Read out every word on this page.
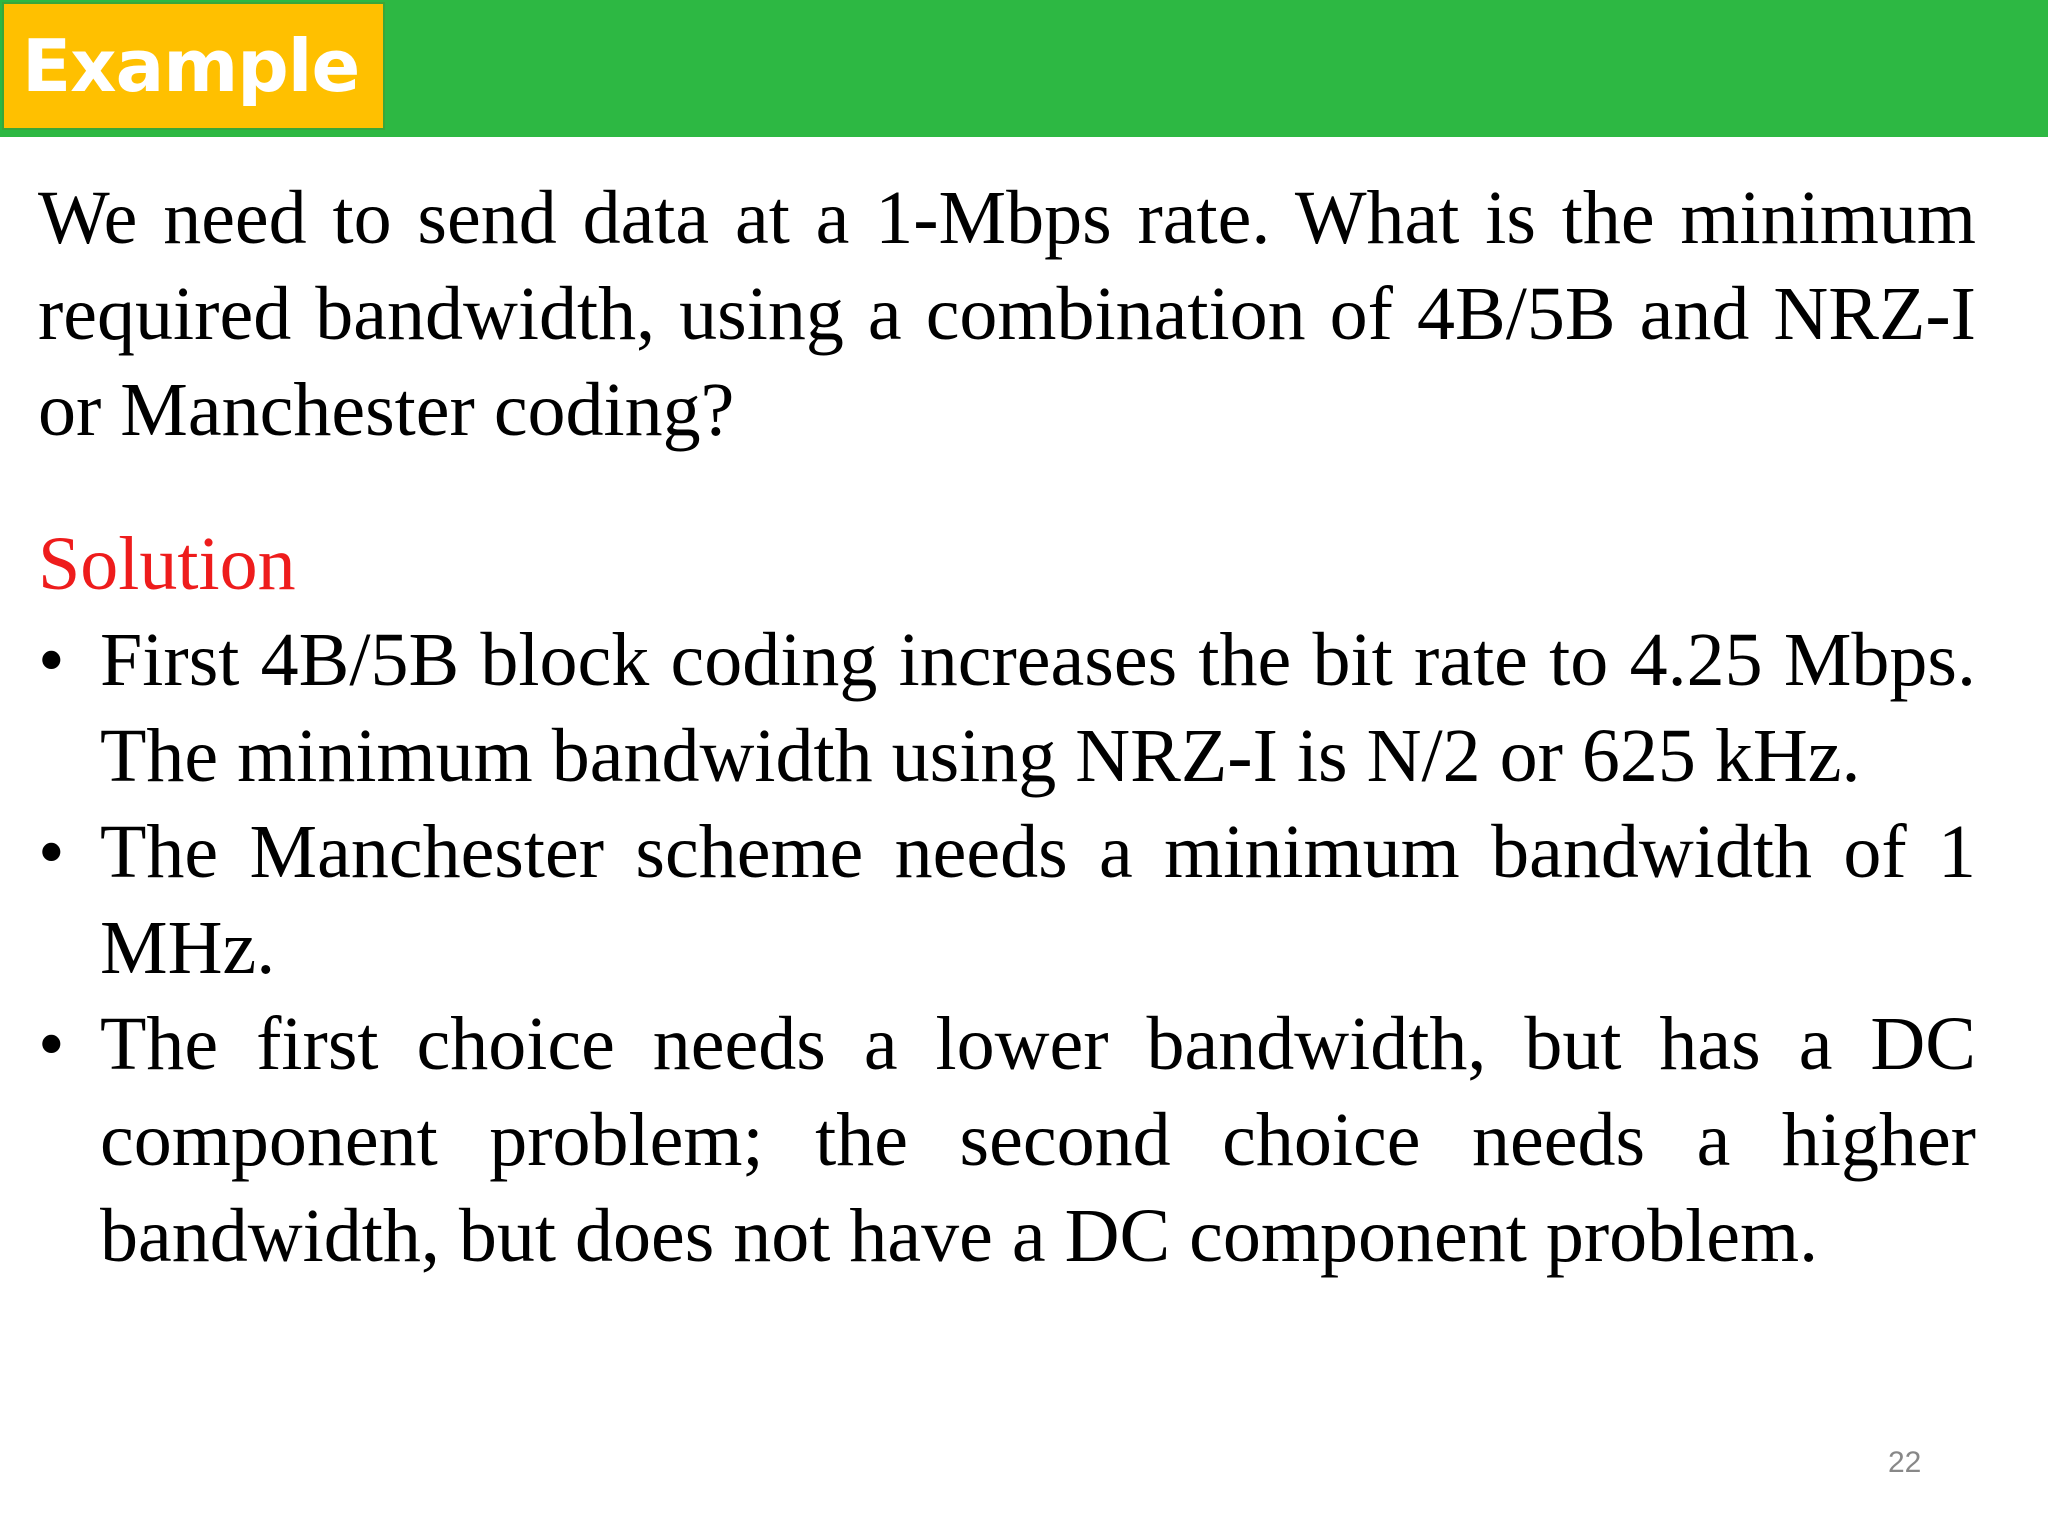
Example

We need to send data at a 1-Mbps rate. What is the minimum required bandwidth, using a combination of 4B/5B and NRZ-I or Manchester coding?

Solution
• First 4B/5B block coding increases the bit rate to 4.25 Mbps. The minimum bandwidth using NRZ-I is N/2 or 625 kHz.
• The Manchester scheme needs a minimum bandwidth of 1 MHz.
• The first choice needs a lower bandwidth, but has a DC component problem; the second choice needs a higher bandwidth, but does not have a DC component problem.
22
